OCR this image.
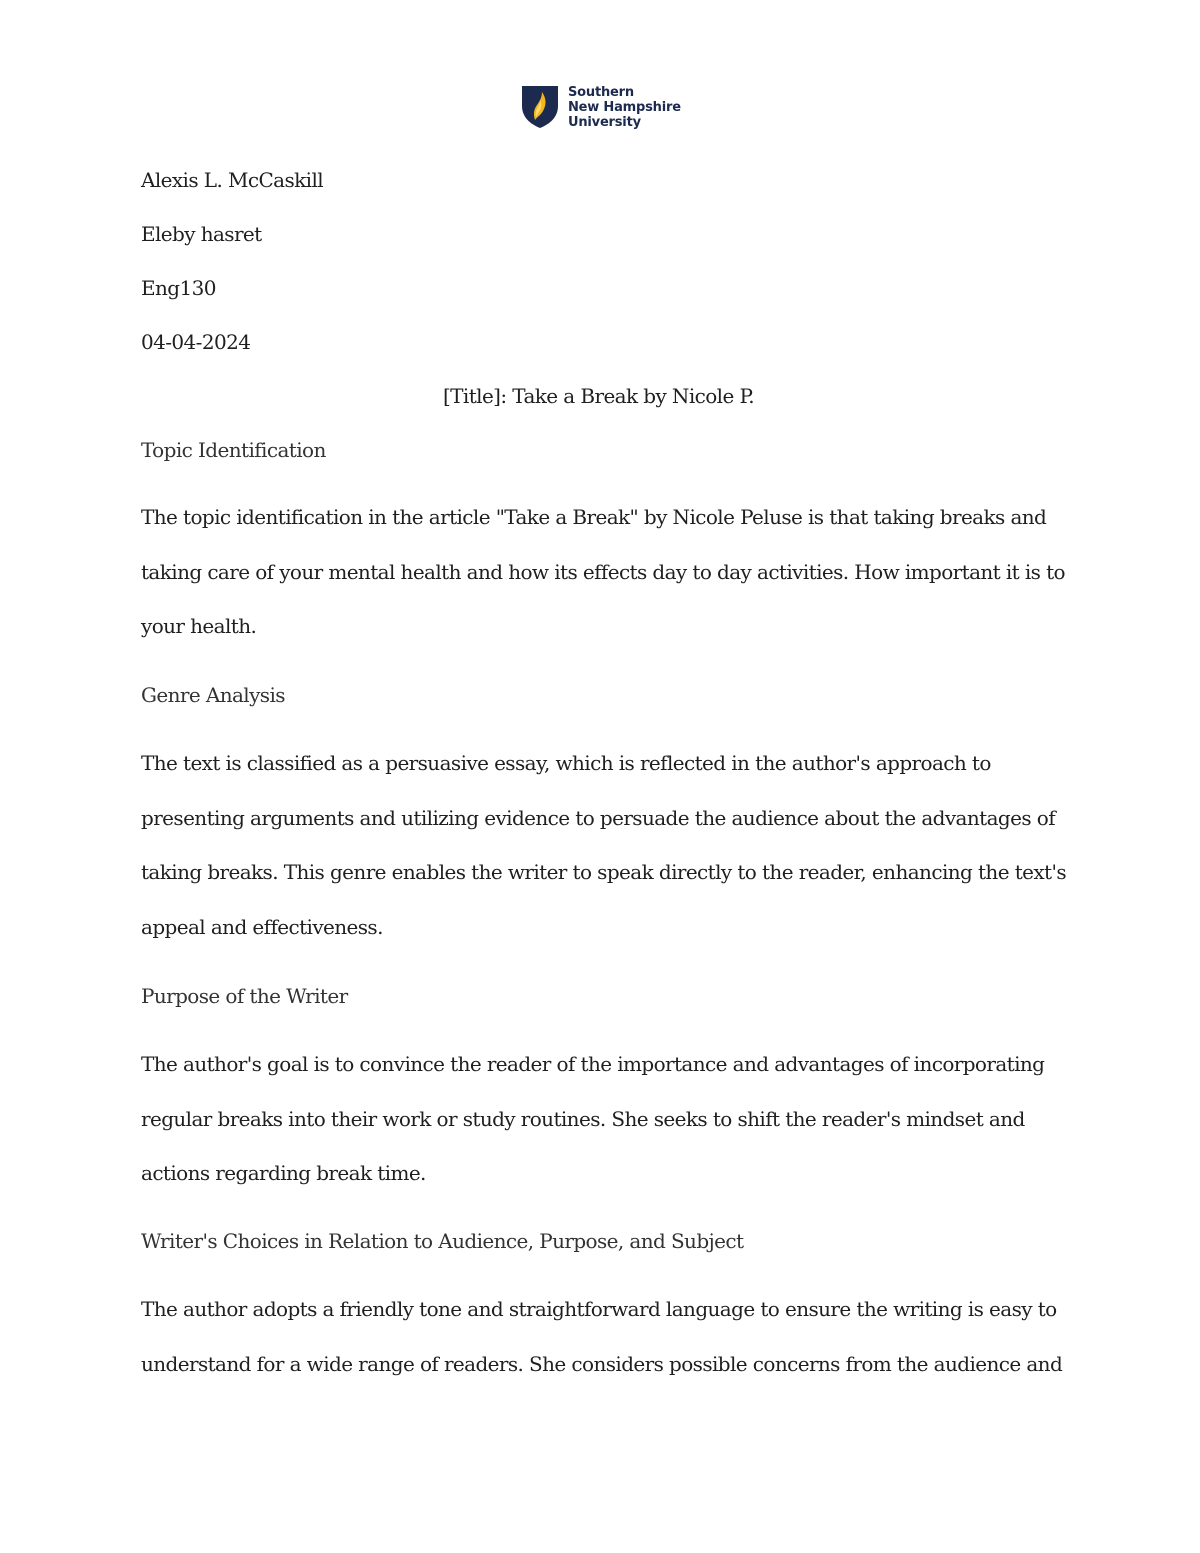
Southern
New Hampshire
University
Alexis L. McCaskill
Eleby hasret
Eng130
04-04-2024
[Title]: Take a Break by Nicole P.
Topic Identification
The topic identification in the article "Take a Break" by Nicole Peluse is that taking breaks and
taking care of your mental health and how its effects day to day activities. How important it is to
your health.
Genre Analysis
The text is classified as a persuasive essay, which is reflected in the author's approach to
presenting arguments and utilizing evidence to persuade the audience about the advantages of
taking breaks. This genre enables the writer to speak directly to the reader, enhancing the text's
appeal and effectiveness.
Purpose of the Writer
The author's goal is to convince the reader of the importance and advantages of incorporating
regular breaks into their work or study routines. She seeks to shift the reader's mindset and
actions regarding break time.
Writer's Choices in Relation to Audience, Purpose, and Subject
The author adopts a friendly tone and straightforward language to ensure the writing is easy to
understand for a wide range of readers. She considers possible concerns from the audience and
